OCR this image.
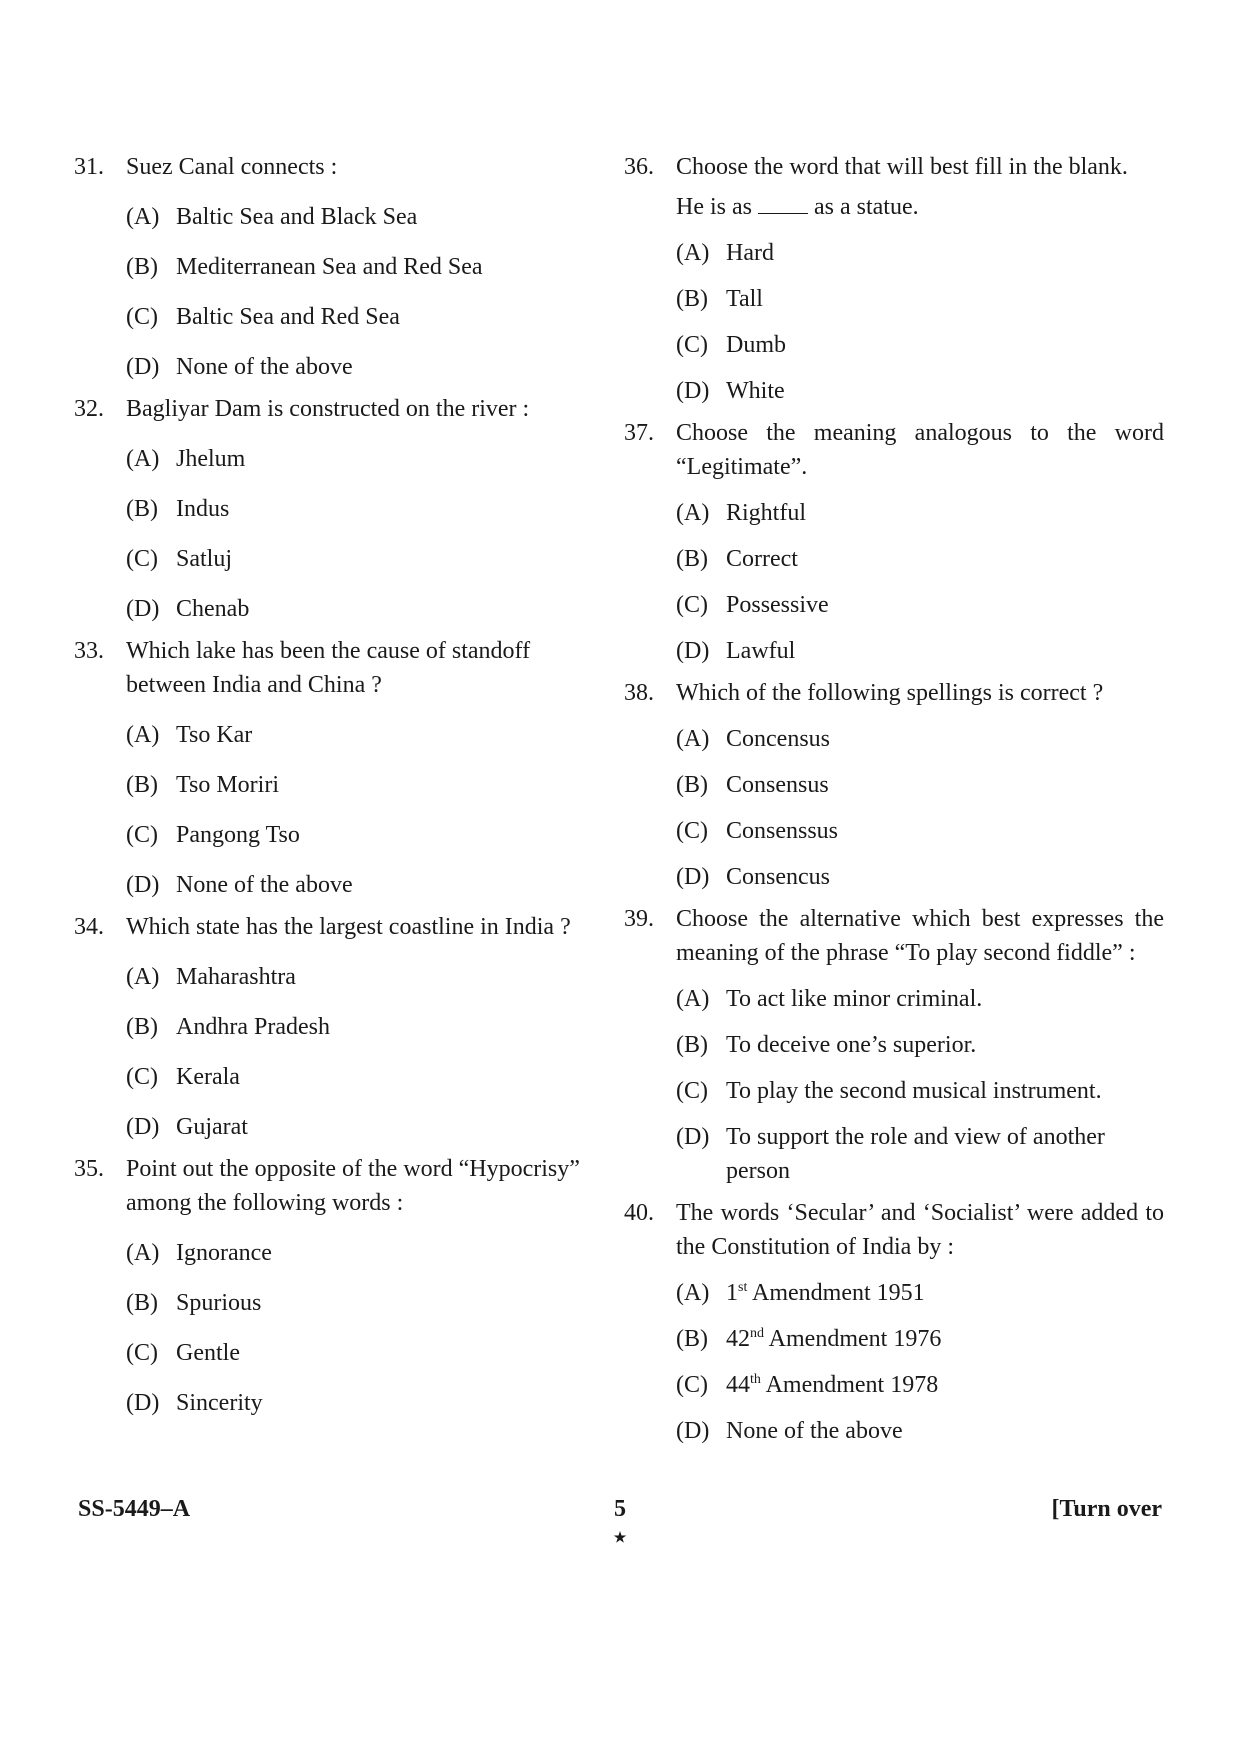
31. Suez Canal connects :
(A) Baltic Sea and Black Sea
(B) Mediterranean Sea and Red Sea
(C) Baltic Sea and Red Sea
(D) None of the above
32. Bagliyar Dam is constructed on the river :
(A) Jhelum
(B) Indus
(C) Satluj
(D) Chenab
33. Which lake has been the cause of standoff between India and China ?
(A) Tso Kar
(B) Tso Moriri
(C) Pangong Tso
(D) None of the above
34. Which state has the largest coastline in India ?
(A) Maharashtra
(B) Andhra Pradesh
(C) Kerala
(D) Gujarat
35. Point out the opposite of the word “Hypocrisy” among the following words :
(A) Ignorance
(B) Spurious
(C) Gentle
(D) Sincerity
36. Choose the word that will best fill in the blank.
He is as	as a statue.
(A) Hard
(B) Tall
(C) Dumb
(D) White
37. Choose the meaning analogous to the word “Legitimate”.
(A) Rightful
(B) Correct
(C) Possessive
(D) Lawful
38. Which of the following spellings is correct ?
(A) Concensus
(B) Consensus
(C) Consenssus
(D) Consencus
39. Choose the alternative which best expresses the meaning of the phrase “To play second fiddle” :
(A) To act like minor criminal.
(B) To deceive one’s superior.
(C) To play the second musical instrument.
(D) To support the role and view of another person
40. The words ‘Secular’ and ‘Socialist’ were added to the Constitution of India by :
(A) 1st Amendment 1951
(B) 42nd Amendment 1976
(C) 44th Amendment 1978
(D) None of the above
SS-5449–A	5
★
[Turn over
